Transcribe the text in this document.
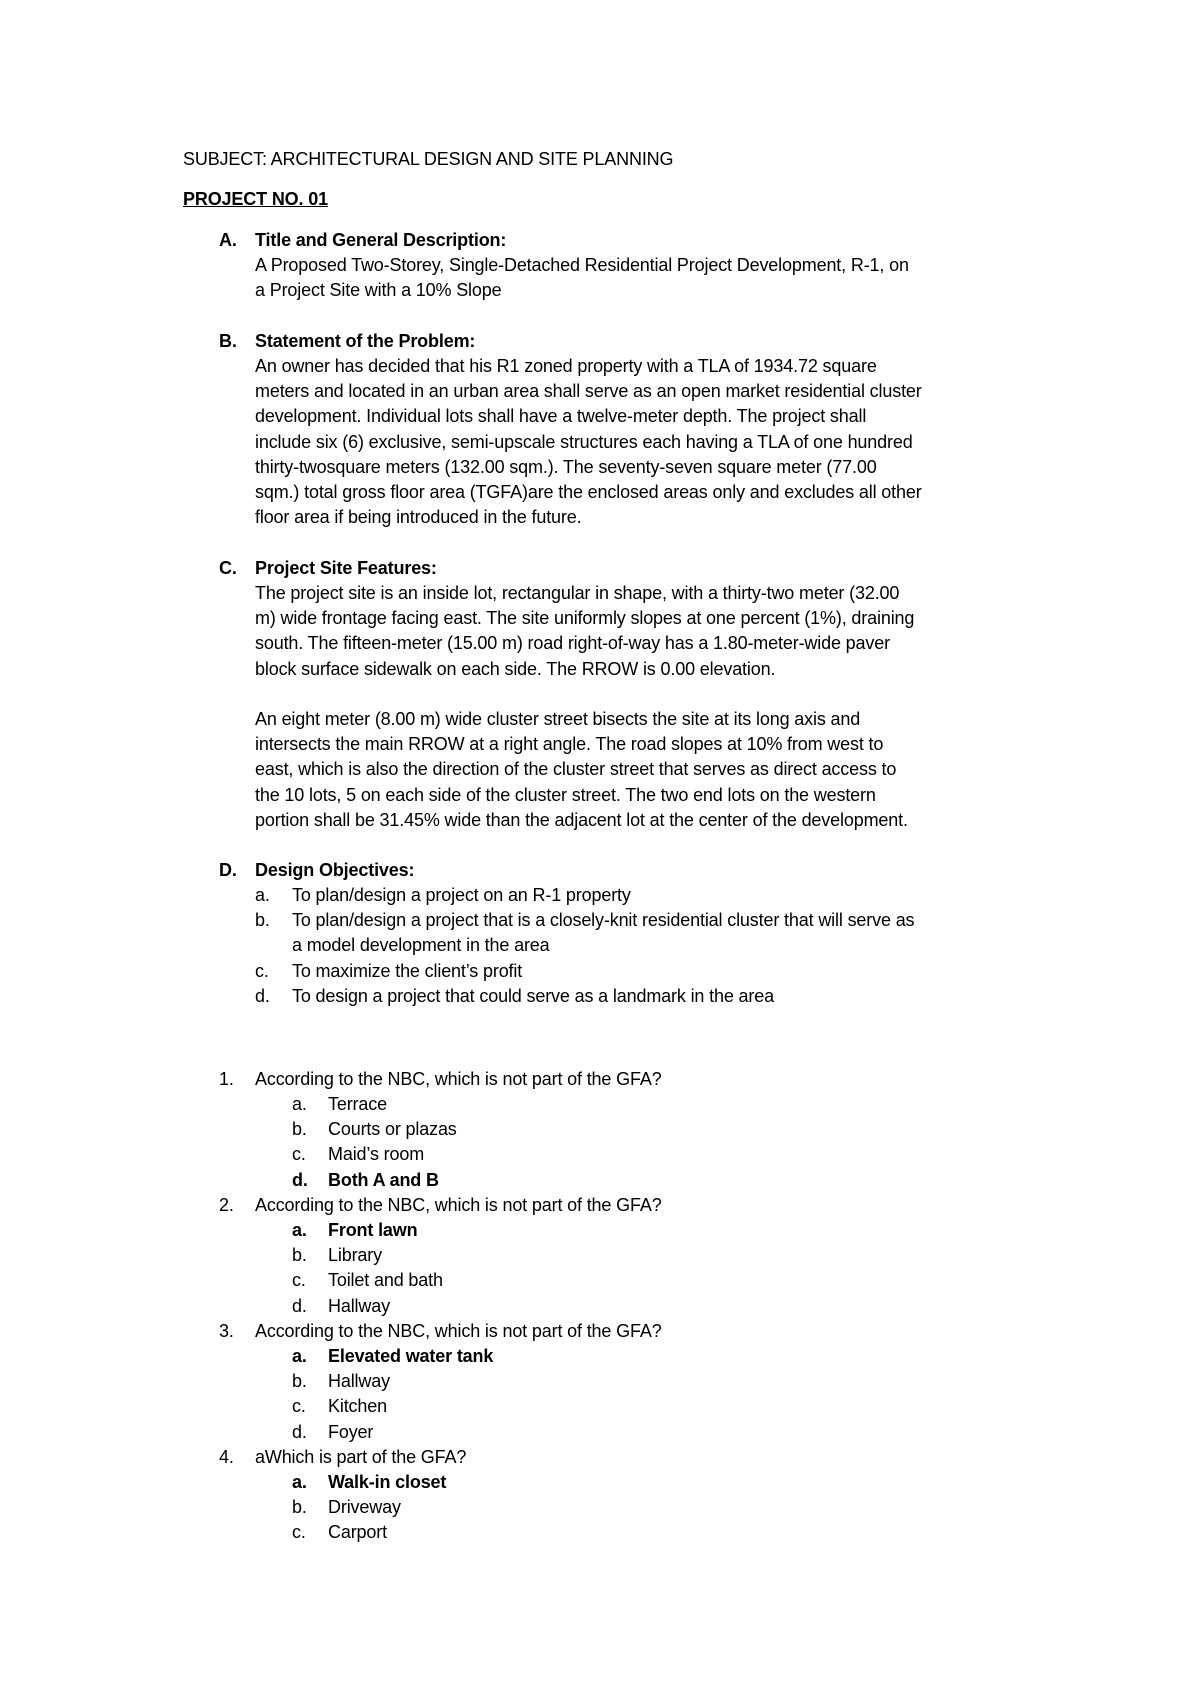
SUBJECT: ARCHITECTURAL DESIGN AND SITE PLANNING
PROJECT NO. 01
A. Title and General Description:
A Proposed Two-Storey, Single-Detached Residential Project Development, R-1, on
a Project Site with a 10% Slope
B. Statement of the Problem:
An owner has decided that his R1 zoned property with a TLA of 1934.72 square
meters and located in an urban area shall serve as an open market residential cluster
development. Individual lots shall have a twelve-meter depth. The project shall
include six (6) exclusive, semi-upscale structures each having a TLA of one hundred
thirty-twosquare meters (132.00 sqm.). The seventy-seven square meter (77.00
sqm.) total gross floor area (TGFA)are the enclosed areas only and excludes all other
floor area if being introduced in the future.
C. Project Site Features:
The project site is an inside lot, rectangular in shape, with a thirty-two meter (32.00
m) wide frontage facing east. The site uniformly slopes at one percent (1%), draining
south. The fifteen-meter (15.00 m) road right-of-way has a 1.80-meter-wide paver
block surface sidewalk on each side. The RROW is 0.00 elevation.
An eight meter (8.00 m) wide cluster street bisects the site at its long axis and
intersects the main RROW at a right angle. The road slopes at 10% from west to
east, which is also the direction of the cluster street that serves as direct access to
the 10 lots, 5 on each side of the cluster street. The two end lots on the western
portion shall be 31.45% wide than the adjacent lot at the center of the development.
D. Design Objectives:
a. To plan/design a project on an R-1 property
b. To plan/design a project that is a closely-knit residential cluster that will serve as
a model development in the area
c. To maximize the client’s profit
d. To design a project that could serve as a landmark in the area
1. According to the NBC, which is not part of the GFA?
a. Terrace
b. Courts or plazas
c. Maid’s room
d. Both A and B
2. According to the NBC, which is not part of the GFA?
a. Front lawn
b. Library
c. Toilet and bath
d. Hallway
3. According to the NBC, which is not part of the GFA?
a. Elevated water tank
b. Hallway
c. Kitchen
d. Foyer
4. aWhich is part of the GFA?
a. Walk-in closet
b. Driveway
c. Carport
